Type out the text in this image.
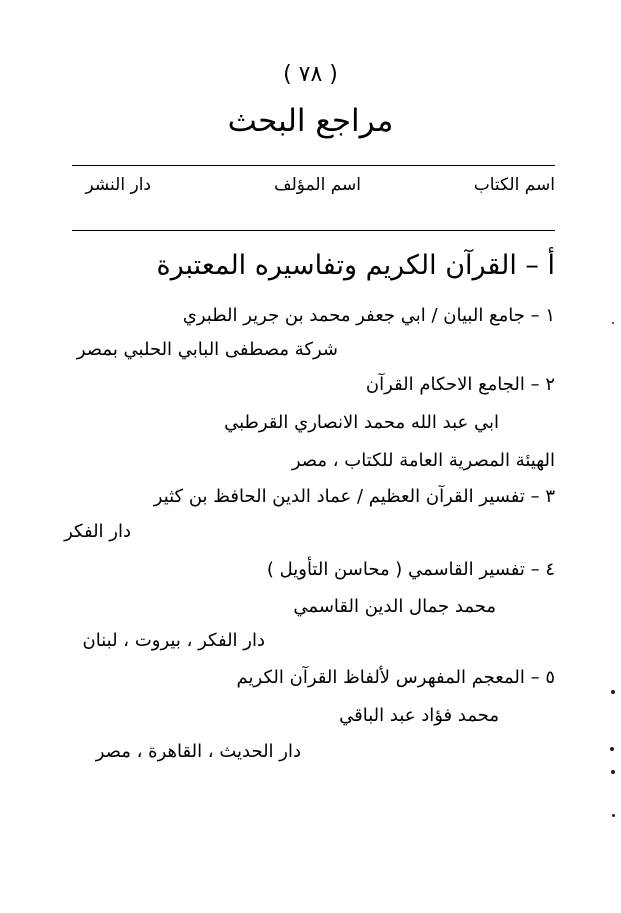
( ٧٨ )
مراجع البحث
اسم الكتاب
اسم المؤلف
دار النشر
أ – القرآن الكريم وتفاسيره المعتبرة
١ – جامع البيان / ابي جعفر محمد بن جرير الطبري
شركة مصطفى البابي الحلبي بمصر
٢ – الجامع الاحكام القرآن
ابي عبد الله محمد الانصاري القرطبي
الهيئة المصرية العامة للكتاب ، مصر
٣ – تفسير القرآن العظيم / عماد الدين الحافظ بن كثير
دار الفكر
٤ – تفسير القاسمي ( محاسن التأويل )
محمد جمال الدين القاسمي
دار الفكر ، بيروت ، لبنان
٥ – المعجم المفهرس لألفاظ القرآن الكريم
محمد فؤاد عبد الباقي
دار الحديث ، القاهرة ، مصر
